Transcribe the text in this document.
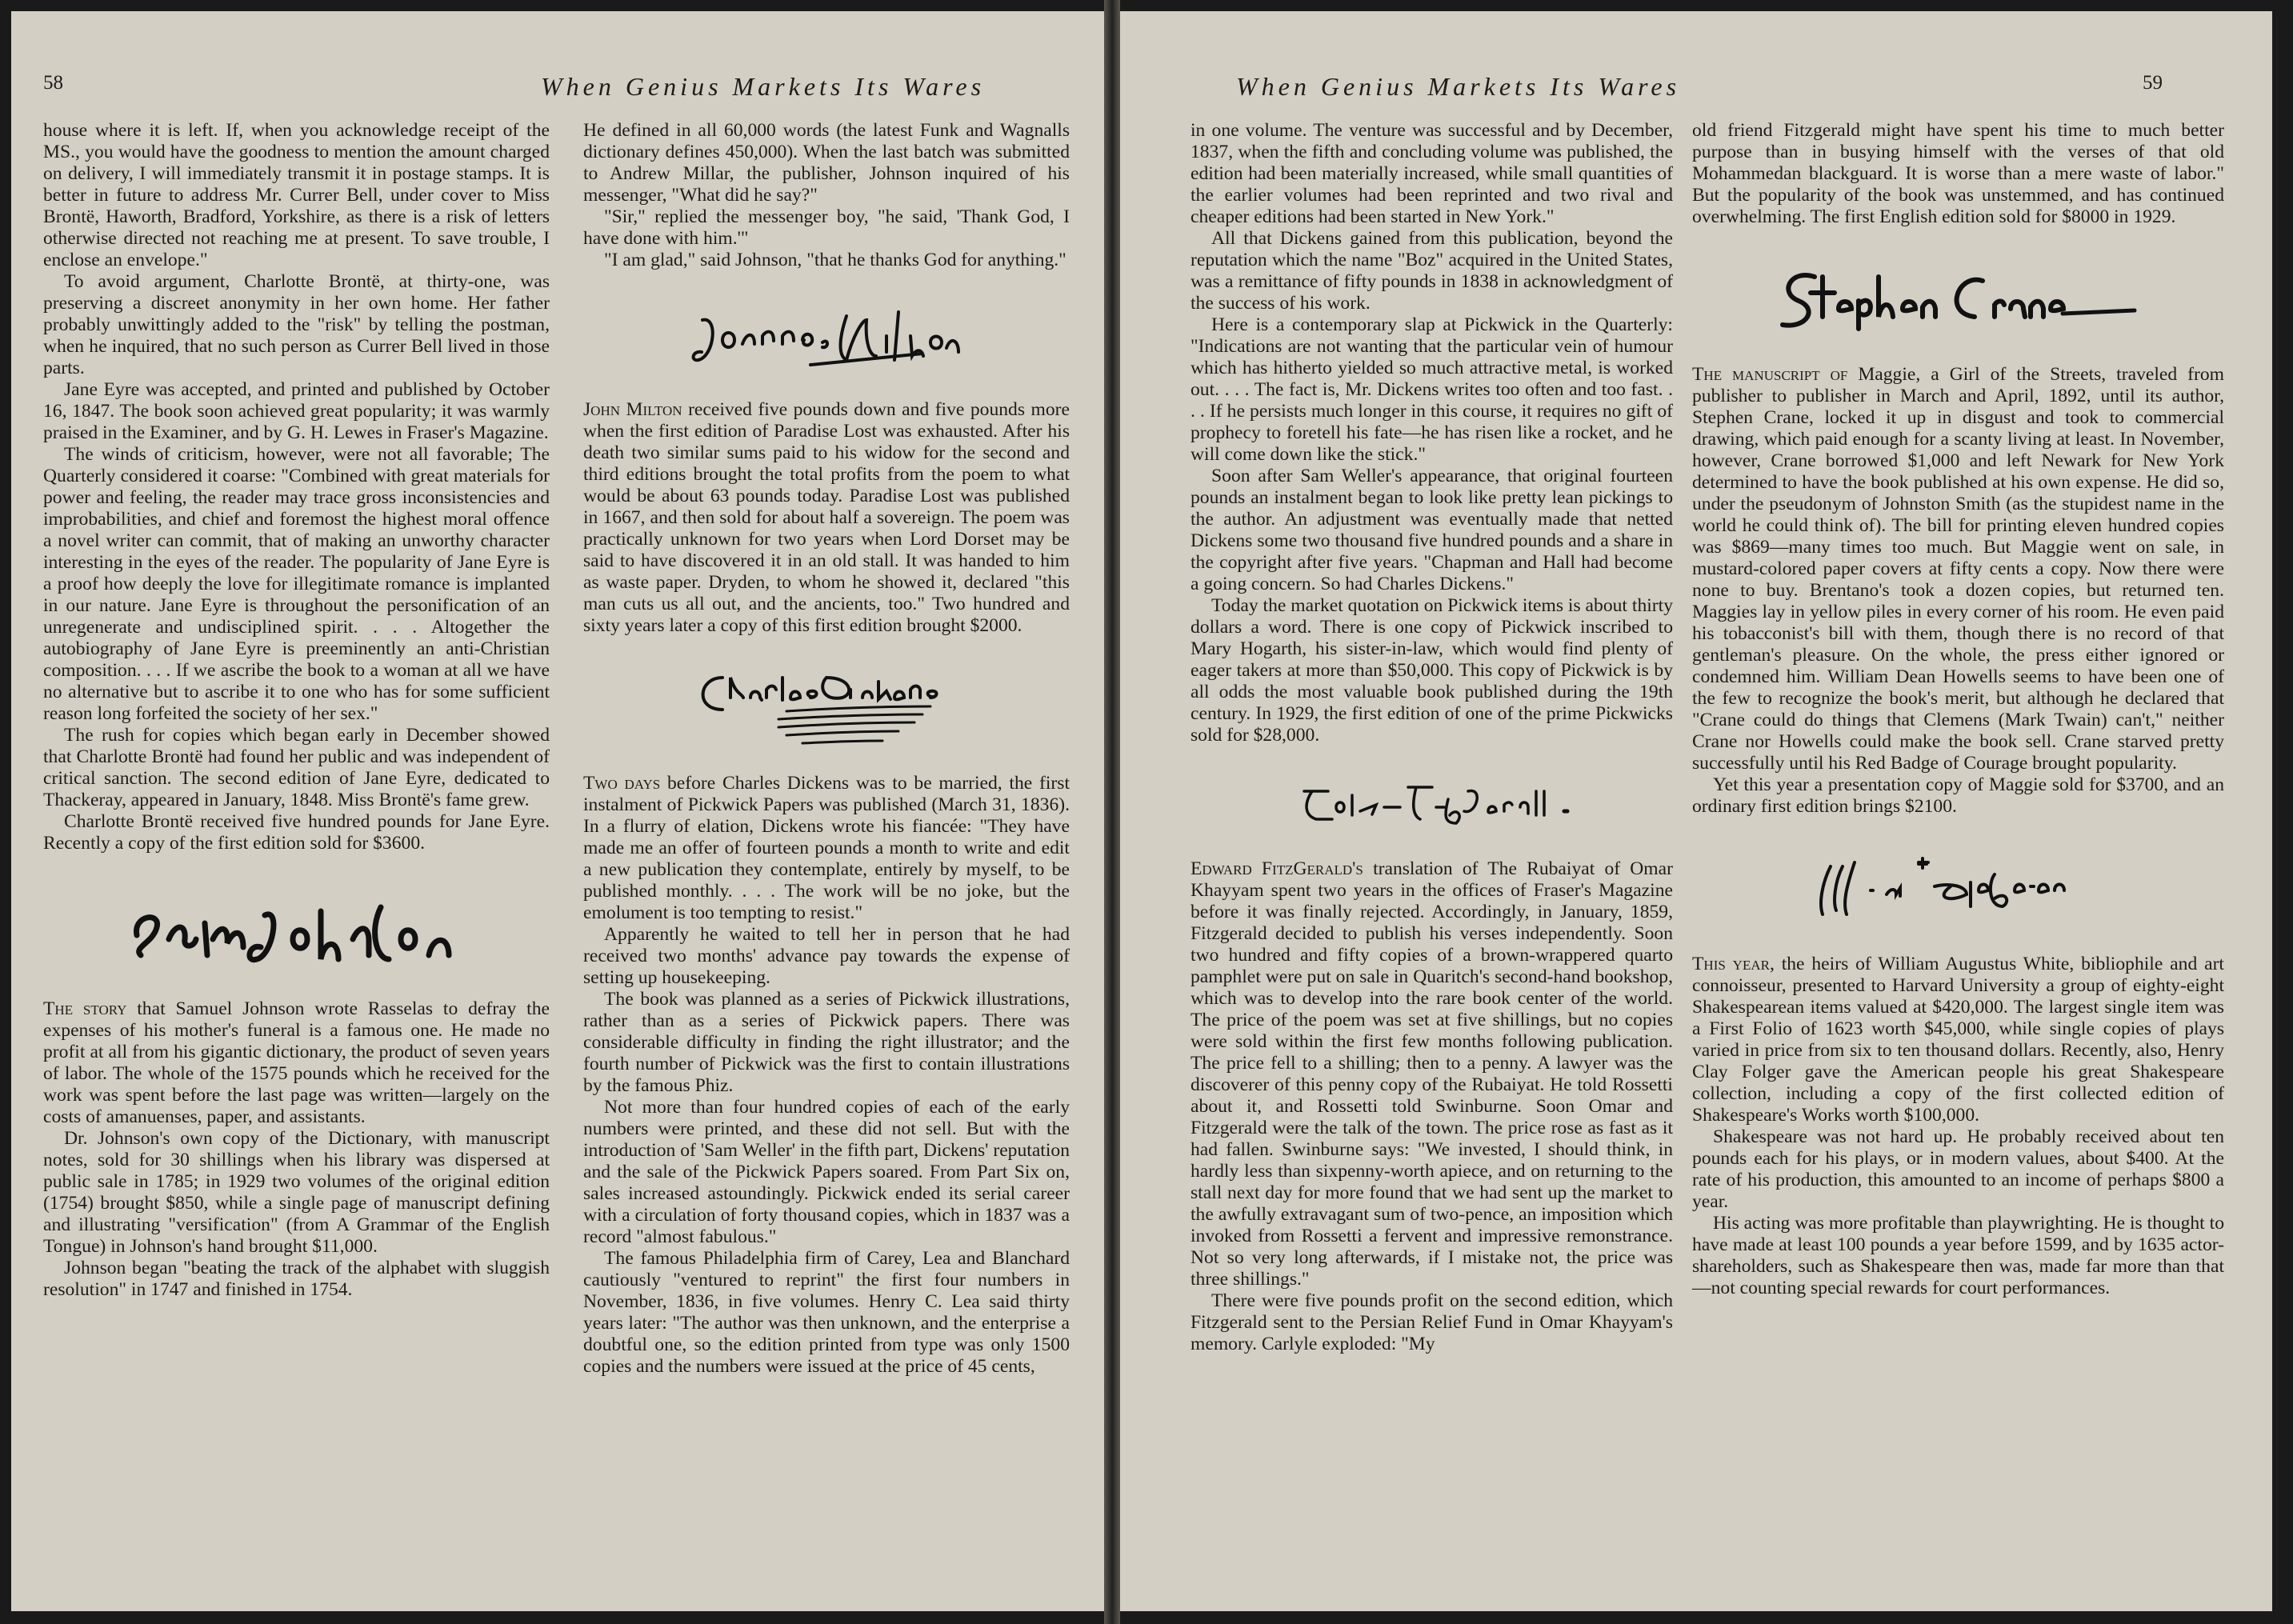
58	When Genius Markets Its Wares

house where it is left. If, when you acknowledge receipt of the MS., you would have the goodness to mention the amount charged on delivery, I will immediately transmit it in postage stamps. It is better in future to address Mr. Currer Bell, under cover to Miss Brontë, Haworth, Bradford, Yorkshire, as there is a risk of letters otherwise directed not reaching me at present. To save trouble, I enclose an envelope."

To avoid argument, Charlotte Brontë, at thirty-one, was preserving a discreet anonymity in her own home. Her father probably unwittingly added to the "risk" by telling the postman, when he inquired, that no such person as Currer Bell lived in those parts.

Jane Eyre was accepted, and printed and published by October 16, 1847. The book soon achieved great popularity; it was warmly praised in the Examiner, and by G. H. Lewes in Fraser's Magazine.

The winds of criticism, however, were not all favorable; The Quarterly considered it coarse: "Combined with great materials for power and feeling, the reader may trace gross inconsistencies and improbabilities, and chief and foremost the highest moral offence a novel writer can commit, that of making an unworthy character interesting in the eyes of the reader. The popularity of Jane Eyre is a proof how deeply the love for illegitimate romance is implanted in our nature. Jane Eyre is throughout the personification of an unregenerate and undisciplined spirit. . . . Altogether the autobiography of Jane Eyre is preeminently an anti-Christian composition. . . . If we ascribe the book to a woman at all we have no alternative but to ascribe it to one who has for some sufficient reason long forfeited the society of her sex."

The rush for copies which began early in December showed that Charlotte Brontë had found her public and was independent of critical sanction. The second edition of Jane Eyre, dedicated to Thackeray, appeared in January, 1848. Miss Brontë's fame grew.

Charlotte Brontë received five hundred pounds for Jane Eyre. Recently a copy of the first edition sold for $3600.

The story that Samuel Johnson wrote Rasselas to defray the expenses of his mother's funeral is a famous one. He made no profit at all from his gigantic dictionary, the product of seven years of labor. The whole of the 1575 pounds which he received for the work was spent before the last page was written—largely on the costs of amanuenses, paper, and assistants.

Dr. Johnson's own copy of the Dictionary, with manuscript notes, sold for 30 shillings when his library was dispersed at public sale in 1785; in 1929 two volumes of the original edition (1754) brought $850, while a single page of manuscript defining and illustrating "versification" (from A Grammar of the English Tongue) in Johnson's hand brought $11,000.

Johnson began "beating the track of the alphabet with sluggish resolution" in 1747 and finished in 1754.

He defined in all 60,000 words (the latest Funk and Wagnalls dictionary defines 450,000). When the last batch was submitted to Andrew Millar, the publisher, Johnson inquired of his messenger, "What did he say?"

"Sir," replied the messenger boy, "he said, 'Thank God, I have done with him.'"

"I am glad," said Johnson, "that he thanks God for anything."

John Milton received five pounds down and five pounds more when the first edition of Paradise Lost was exhausted. After his death two similar sums paid to his widow for the second and third editions brought the total profits from the poem to what would be about 63 pounds today. Paradise Lost was published in 1667, and then sold for about half a sovereign. The poem was practically unknown for two years when Lord Dorset may be said to have discovered it in an old stall. It was handed to him as waste paper. Dryden, to whom he showed it, declared "this man cuts us all out, and the ancients, too." Two hundred and sixty years later a copy of this first edition brought $2000.

Two days before Charles Dickens was to be married, the first instalment of Pickwick Papers was published (March 31, 1836). In a flurry of elation, Dickens wrote his fiancée: "They have made me an offer of fourteen pounds a month to write and edit a new publication they contemplate, entirely by myself, to be published monthly. . . . The work will be no joke, but the emolument is too tempting to resist."

Apparently he waited to tell her in person that he had received two months' advance pay towards the expense of setting up housekeeping.

The book was planned as a series of Pickwick illustrations, rather than as a series of Pickwick papers. There was considerable difficulty in finding the right illustrator; and the fourth number of Pickwick was the first to contain illustrations by the famous Phiz.

Not more than four hundred copies of each of the early numbers were printed, and these did not sell. But with the introduction of 'Sam Weller' in the fifth part, Dickens' reputation and the sale of the Pickwick Papers soared. From Part Six on, sales increased astoundingly. Pickwick ended its serial career with a circulation of forty thousand copies, which in 1837 was a record "almost fabulous."

The famous Philadelphia firm of Carey, Lea and Blanchard cautiously "ventured to reprint" the first four numbers in November, 1836, in five volumes. Henry C. Lea said thirty years later: "The author was then unknown, and the enterprise a doubtful one, so the edition printed from type was only 1500 copies and the numbers were issued at the price of 45 cents,

When Genius Markets Its Wares	59

in one volume. The venture was successful and by December, 1837, when the fifth and concluding volume was published, the edition had been materially increased, while small quantities of the earlier volumes had been reprinted and two rival and cheaper editions had been started in New York."

All that Dickens gained from this publication, beyond the reputation which the name "Boz" acquired in the United States, was a remittance of fifty pounds in 1838 in acknowledgment of the success of his work.

Here is a contemporary slap at Pickwick in the Quarterly: "Indications are not wanting that the particular vein of humour which has hitherto yielded so much attractive metal, is worked out. . . . The fact is, Mr. Dickens writes too often and too fast. . . . If he persists much longer in this course, it requires no gift of prophecy to foretell his fate—he has risen like a rocket, and he will come down like the stick."

Soon after Sam Weller's appearance, that original fourteen pounds an instalment began to look like pretty lean pickings to the author. An adjustment was eventually made that netted Dickens some two thousand five hundred pounds and a share in the copyright after five years. "Chapman and Hall had become a going concern. So had Charles Dickens."

Today the market quotation on Pickwick items is about thirty dollars a word. There is one copy of Pickwick inscribed to Mary Hogarth, his sister-in-law, which would find plenty of eager takers at more than $50,000. This copy of Pickwick is by all odds the most valuable book published during the 19th century. In 1929, the first edition of one of the prime Pickwicks sold for $28,000.

Edward FitzGerald's translation of The Rubaiyat of Omar Khayyam spent two years in the offices of Fraser's Magazine before it was finally rejected. Accordingly, in January, 1859, Fitzgerald decided to publish his verses independently. Soon two hundred and fifty copies of a brown-wrappered quarto pamphlet were put on sale in Quaritch's second-hand bookshop, which was to develop into the rare book center of the world. The price of the poem was set at five shillings, but no copies were sold within the first few months following publication. The price fell to a shilling; then to a penny. A lawyer was the discoverer of this penny copy of the Rubaiyat. He told Rossetti about it, and Rossetti told Swinburne. Soon Omar and Fitzgerald were the talk of the town. The price rose as fast as it had fallen. Swinburne says: "We invested, I should think, in hardly less than sixpenny-worth apiece, and on returning to the stall next day for more found that we had sent up the market to the awfully extravagant sum of two-pence, an imposition which invoked from Rossetti a fervent and impressive remonstrance. Not so very long afterwards, if I mistake not, the price was three shillings."

There were five pounds profit on the second edition, which Fitzgerald sent to the Persian Relief Fund in Omar Khayyam's memory. Carlyle exploded: "My

old friend Fitzgerald might have spent his time to much better purpose than in busying himself with the verses of that old Mohammedan blackguard. It is worse than a mere waste of labor." But the popularity of the book was unstemmed, and has continued overwhelming. The first English edition sold for $8000 in 1929.

The manuscript of Maggie, a Girl of the Streets, traveled from publisher to publisher in March and April, 1892, until its author, Stephen Crane, locked it up in disgust and took to commercial drawing, which paid enough for a scanty living at least. In November, however, Crane borrowed $1,000 and left Newark for New York determined to have the book published at his own expense. He did so, under the pseudonym of Johnston Smith (as the stupidest name in the world he could think of). The bill for printing eleven hundred copies was $869—many times too much. But Maggie went on sale, in mustard-colored paper covers at fifty cents a copy. Now there were none to buy. Brentano's took a dozen copies, but returned ten. Maggies lay in yellow piles in every corner of his room. He even paid his tobacconist's bill with them, though there is no record of that gentleman's pleasure. On the whole, the press either ignored or condemned him. William Dean Howells seems to have been one of the few to recognize the book's merit, but although he declared that "Crane could do things that Clemens (Mark Twain) can't," neither Crane nor Howells could make the book sell. Crane starved pretty successfully until his Red Badge of Courage brought popularity.

Yet this year a presentation copy of Maggie sold for $3700, and an ordinary first edition brings $2100.

This year, the heirs of William Augustus White, bibliophile and art connoisseur, presented to Harvard University a group of eighty-eight Shakespearean items valued at $420,000. The largest single item was a First Folio of 1623 worth $45,000, while single copies of plays varied in price from six to ten thousand dollars. Recently, also, Henry Clay Folger gave the American people his great Shakespeare collection, including a copy of the first collected edition of Shakespeare's Works worth $100,000.

Shakespeare was not hard up. He probably received about ten pounds each for his plays, or in modern values, about $400. At the rate of his production, this amounted to an income of perhaps $800 a year.

His acting was more profitable than playwrighting. He is thought to have made at least 100 pounds a year before 1599, and by 1635 actor-shareholders, such as Shakespeare then was, made far more than that—not counting special rewards for court performances.
